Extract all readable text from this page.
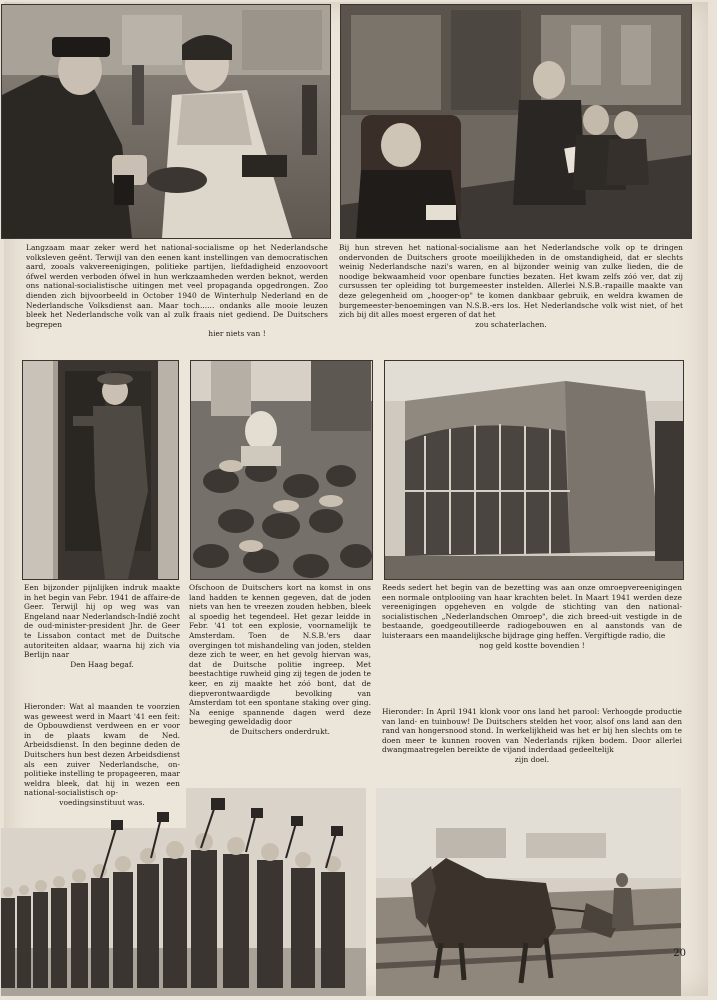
Langzaam maar zeker werd het national-socialisme op het Nederlandsche volksleven geënt. Terwijl van den eenen kant instellingen van democratischen aard, zooals vakvereenigingen, politieke partijen, liefdadigheid enzoovoort ófwel werden verboden ófwel in hun werkzaamheden werden beknot, werden ons national-socialistische uitingen met veel propaganda opgedrongen. Zoo dienden zich bijvoorbeeld in October 1940 de Winterhulp Nederland en de Nederlandsche Volksdienst aan. Maar toch...... ondanks alle mooie leuzen bleek het Nederlandsche volk van al zulk fraais niet gediend. De Duitschers begrepen

hier niets van !

Bij hun streven het national-socialisme aan het Nederlandsche volk op te dringen ondervonden de Duitschers groote moeilijkheden in de omstandigheid, dat er slechts weinig Nederlandsche nazi's waren, en al bijzonder weinig van zulke lieden, die de noodige bekwaamheid voor openbare functies bezaten. Het kwam zelfs zóó ver, dat zij cursussen ter opleiding tot burgemeester instelden. Allerlei N.S.B.-rapaille maakte van deze gelegenheid om „hooger-op" te komen dankbaar gebruik, en weldra kwamen de burgemeester-benoemingen van N.S.B.-ers los. Het Nederlandsche volk wist niet, of het zich bij dit alles moest ergeren of dat het

zou schaterlachen.

Een bijzonder pijnlijken indruk maakte in het begin van Febr. 1941 de affaire-de Geer. Terwijl hij op weg was van Engeland naar Nederlandsch-Indië zocht de oud-minister-president Jhr. de Geer te Lissabon contact met de Duitsche autoriteiten aldaar, waarna hij zich via Berlijn naar

Den Haag begaf.

Ofschoon de Duitschers kort na komst in ons land hadden te kennen gegeven, dat de joden niets van hen te vreezen zouden hebben, bleek al spoedig het tegendeel. Het gezar leidde in Febr. '41 tot een explosie, voornamelijk te Amsterdam. Toen de N.S.B.'ers daar overgingen tot mishandeling van joden, stelden deze zich te weer, en het gevolg hiervan was, dat de Duitsche politie ingreep. Met beestachtige ruwheid ging zij tegen de joden te keer, en zij maakte het zóó bont, dat de diepverontwaardigde bevolking van Amsterdam tot een spontane staking over ging. Na eenige spannende dagen werd deze beweging geweldadig door

de Duitschers onderdrukt.

Reeds sedert het begin van de bezetting was aan onze omroepvereenigingen een normale ontplooiing van haar krachten belet. In Maart 1941 werden deze vereenigingen opgeheven en volgde de stichting van den national-socialistischen „Nederlandschen Omroep", die zich breed-uit vestigde in de bestaande, goedgeoutilleerde radiogebouwen en al aanstonds van de luisteraars een maandelijksche bijdrage ging heffen. Vergiftigde radio, die

nog geld kostte bovendien !

Hieronder: Wat al maanden te voorzien was geweest werd in Maart '41 een feit: de Opbouwdienst verdween en er voor in de plaats kwam de Ned. Arbeidsdienst. In den beginne deden de Duitschers hun best dezen Arbeidsdienst als een zuiver Nederlandsche, on-politieke instelling te propageeren, maar weldra bleek, dat hij in wezen een national-socialistisch op-

voedingsinstituut was.

Hieronder: In April 1941 klonk voor ons land het parool: Verhoogde productie van land- en tuinbouw! De Duitschers stelden het voor, alsof ons land aan den rand van hongersnood stond. In werkelijkheid was het er bij hen slechts om te doen meer te kunnen rooven van Nederlands rijken bodem. Door allerlei dwangmaatregelen bereikte de vijand inderdaad gedeeltelijk

zijn doel.

20
